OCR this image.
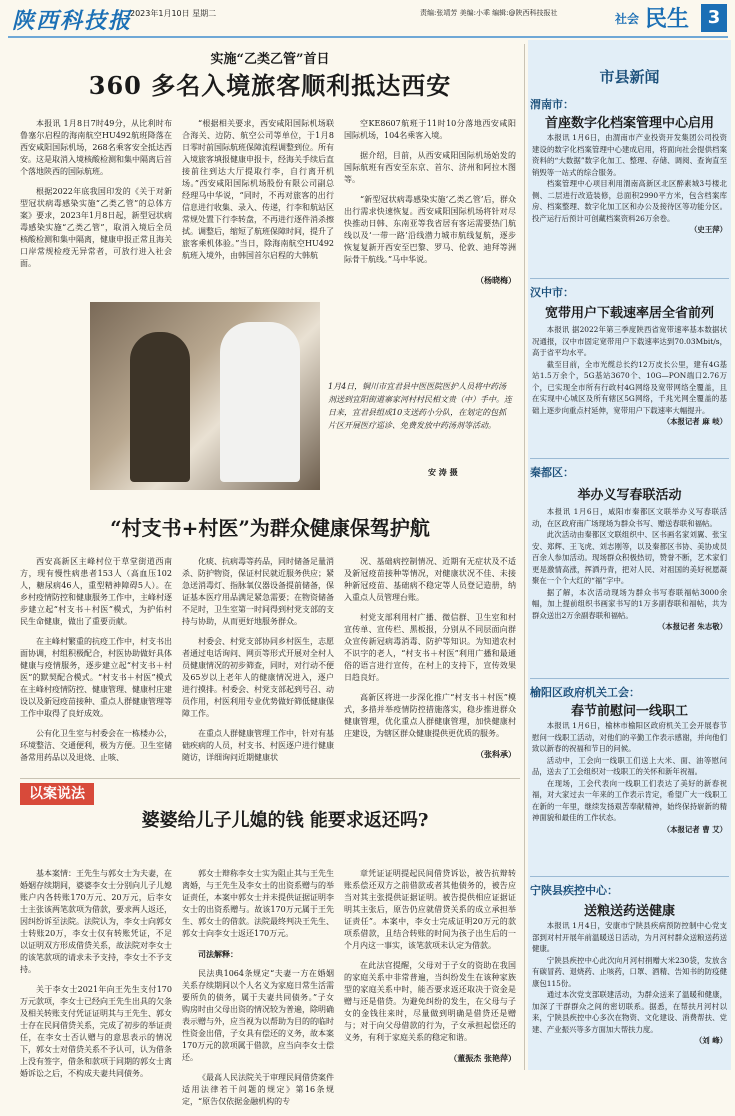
陕西科技报
2023年1月10日 星期二	责编:张靖芳 美编:小乖 编辑:@陕西科技报社	社会 民生	3
实施“乙类乙管”首日
360 多名入境旅客顺利抵达西安

本报讯 1月8日7时49分，从比利时布鲁塞尔启程的海南航空HU492航班降落在西安咸阳国际机场，268名乘客安全抵达西安。这是取消入境核酸检测和集中隔离后首个落地陕西的国际航班。

根据2022年底我国印发的《关于对新型冠状病毒感染实施“乙类乙管”的总体方案》要求，2023年1月8日起，新型冠状病毒感染实施“乙类乙管”，取消入境后全员核酸检测和集中隔离，健康申报正常且海关口岸常规检疫无异常者，可放行进入社会面。

“根据相关要求，西安咸阳国际机场联合海关、边防、航空公司等单位，于1月8日零时前国际航班保障流程调整到位。所有入境旅客填报健康申报卡，经海关手续后直接前往到达大厅提取行李，自行离开机场。”西安咸阳国际机场股份有限公司副总经理马中华说，“同时，不再对旅客的出行信息进行收集、录入、传递，行李和航站区常规处置下行李转盘，不再进行逐件消杀擦拭。调整后，缩短了航班保障时间，提升了旅客乘机体验。”当日，除海南航空HU492航班入境外，由韩国首尔启程的大韩航

空KE8607航班于11时10分落地西安咸阳国际机场，104名乘客入境。

据介绍，目前，从西安咸阳国际机场始发的国际航班有西安至东京、首尔、济州和阿拉木图等。

“新型冠状病毒感染实施‘乙类乙管’后，群众出行需求快速恢复。西安咸阳国际机场将针对尽快推动日韩、东南亚等我省居有客运需要热门航线以及‘一带一路’沿线潜力城市航线复航，逐步恢复复新开西安至巴黎、罗马、伦敦、迪拜等洲际骨干航线。”马中华说。

（杨晓梅）

1月4日，铜川市宜君县中医医院医护人员将中药汤剂送到宜阳街道寨家河村村民相文贵（中）手中。连日来，宜君县组成10支送药小分队，在划定的包抓片区开展医疗巡诊、免费发放中药汤剂等活动。
安 涛 摄
“村支书+村医”为群众健康保驾护航

西安高新区主峰村位于草堂街道西南方，现有慢性病患者153人（高血压102人，糖尿病46人，重型精神障碍5人）。在乡村疫情防控和健康服务工作中，主峰村逐步建立起“村支书＋村医”模式，为护佑村民生命健康，做出了重要贡献。

在主峰村繁重的抗疫工作中，村支书出面协调，村组积极配合，村医协助做好具体健康与疫情服务，逐步建立起“村支书＋村医”的默契配合模式。“村支书＋村医”模式在主峰村疫情防控、健康管理、健康村庄建设以及新冠疫苗接种、重点人群健康管理等工作中取得了良好成效。

公有化卫生室与村委会在一栋楼办公，环境整洁、交通便利，极为方便。卫生室储备常用药品以及退烧、止咳、

化痰、抗病毒等药品，同时储备足量消杀、防护物资，保证村民就近服务供应；紧急送消毒灯、指脉氧仪器设备提前储备，保证基本医疗用品满足紧急需要；在物资储备不足时，卫生室第一时间得到村党支部的支持与协助，从而更好地服务群众。

村委会、村党支部协同乡村医生，志愿者通过电话询问、网页等形式开展对全村人员健康情况的初步筛查，同时，对行动不便及65岁以上老年人的健康情况进入，逐户进行摸排。村委会、村党支部起到号召、动员作用，村医利用专业优势做好筛低健康保障工作。

在重点人群健康管理工作中，针对有基础疾病的人员，村支书、村医逐户进行健康随访，详细询问近期健康状

况、基础病控制情况、近期有无症状及不适及新冠疫苗接种等情况，对健康状况不佳、未接种新冠疫苗、基础病不稳定等人员登记造册，纳入重点人员管理台账。

村党支部利用村广播、微信群、卫生室和村宣传单、宣传栏、黑板报，分别从不同层面向群众宣传新冠病毒消毒、防护等知识。为知道农村不识字的老人，“村支书＋村医”利用广播和最通俗的语言进行宣传，在村上的支持下，宣传效果日趋良好。

高新区将进一步深化推广“村支书＋村医”模式，多措并举疫情防控措施落实，稳步推进群众健康管理，优化重点人群健康管理，加快健康村庄建设，为辖区群众健康提供更优质的服务。

（张科承）

以案说法
婆婆给儿子儿媳的钱 能要求返还吗?

基本案情：王先生与郭女士为夫妻，在婚姻存续期间，婆婆李女士分别向儿子儿媳账户内各转账170万元、20万元，后李女士主张该两笔款项为借款，要求两人返还，因纠纷诉至法院。法院认为，李女士向郭女士转账20万，李女士仅有转账凭证，不足以证明双方形成借贷关系，故法院对李女士的该笔款项的请求未予支持，李女士不予支持。

关于李女士2021年向王先生支付170万元款项，李女士已经向王先生出具的欠条及相关转账支付凭证证明其与王先生、郭女士存在民间借贷关系，完成了初步的举证责任，在李女士否认赠与的意思表示的情况下，郭女士对借贷关系不予认可，认为借条上没有签字，借条和款项于同期的郭女士离婚诉讼之后，不构成夫妻共同债务。

郭女士辩称李女士实为阻止其与王先生离婚，与王先生及李女士的出资系赠与的举证责任，本案中郭女士并未提供证据证明李女士的出资系赠与。故该170万元属于王先生、郭女士的借款。法院最终判决王先生、郭女士向李女士返还170万元。

司法解释：

民法典1064条规定“夫妻一方在婚姻关系存续期间以个人名义为家庭日常生活需要所负的债务，属于夫妻共同债务。”子女购房时由父母出资的情况较为普遍，除明确表示赠与外，应当视为以帮助为目的的临时性资金出借，子女具有偿还的义务，故本案170万元的款项属于借款，应当向李女士偿还。

《最高人民法院关于审理民间借贷案件适用法律若干问题的规定》第16条规定，“原告仅依据金融机构的专

章凭证证明提起民间借贷诉讼，被告抗辩转账系偿还双方之前借款或者其他债务的，被告应当对其主张提供证据证明。被告提供相应证据证明其主张后，原告仍应就借贷关系的成立承担举证责任”。本案中，李女士完成证明20万元的款项系借款，且结合转账的时间为孩子出生后的一个月内这一事实，该笔款项未认定为借款。

在此法官提醒，父母对于子女的资助在我国的家庭关系中非常普遍，当纠纷发生在该种家族型的家庭关系中时，能否要求返还取决于资金是赠与还是借贷。为避免纠纷的发生，在父母与子女的金钱往来时，尽量做到明确是借贷还是赠与；对于向父母借款的行为，子女承担起偿还的义务，有利于家庭关系的稳定和谐。

（董振杰 张艳萍）

市县新闻
渭南市：
首座数字化档案管理中心启用

本报讯 1月6日，由渭南市产业投资开发集团公司投资建设的数字化档案管理中心建成启用，将面向社会提供档案资料的“大数据”数字化加工、整理、存储、调阅、查询直至销毁等一站式的综合服务。

档案管理中心项目利用渭南高新区北区醉素城3号楼北侧、二层进行改造装修，总面积2990平方米，包含档案库房、档案整理、数字化加工区和办公及接待区等功能分区。投产运行后预计可创藏档案资料26万余卷。

（史王萍）

汉中市：
宽带用户下载速率居全省前列

本报讯 据2022年第三季度陕西省宽带速率基本数据状况通报，汉中市固定宽带用户下载速率达到70.03Mbit/s，高于省平均水平。

截至目前，全市光缆总长约12万皮长公里，建有4G基站1.5万余个，5G基站3670个、10G—PON端口2.76万个，已实现全市所有行政村4G网络及宽带网络全覆盖，且在实现中心城区及所有辖区5G网络，千兆光网全覆盖的基础上逐步向重点村延伸，宽带用户下载速率大幅提升。

（本报记者 麻 岐）

秦都区：
举办义写春联活动

本报讯 1月6日，咸阳市秦都区文联举办义写春联活动，在区政府南广场现场为群众书写、赠送春联和福帖。

此次活动由秦都区文联组织中、区书画名家刘翼、张宝安、郑辉、王飞虎、刘志刚等，以及秦都区书协、美协成员百余人参加活动。现场群众积极热切，赞誉不断，艺术家们更是激情高涨，挥洒丹青，把对人民、对祖国的美好祝愿凝聚在一个个大红的“福”字中。

据了解，本次活动现场为群众书写春联福帖3000余幅，加上提前组织书画家书写的1万多副春联和福帖，共为群众送出2万余副春联和福帖。

（本报记者 朱志敬）

榆阳区政府机关工会：
春节前慰问一线职工

本报讯 1月6日，榆林市榆阳区政府机关工会开展春节慰问一线职工活动，对他们的辛勤工作表示感谢，并向他们致以新春的祝福和节日的问候。

活动中，工会向一线职工们送上大米、面、油等慰问品，送去了工会组织对一线职工的关怀和新年祝福。

在现场，工会代表向一线职工们表达了美好的新春祝福，对大家过去一年来的工作表示肯定，希望广大一线职工在新的一年里，继续发扬艰苦奉献精神，始终保持崭新的精神面貌和最佳的工作状态。

（本报记者 曹 艾）

宁陕县疾控中心：
送粮送药送健康

本报讯 1月4日，安康市宁陕县疾病预防控制中心党支部到对村开展年前温暖送日活动，为月河村群众送粮送药送健康。

宁陕县疾控中心此次向月河村捐赠大米230袋，发放含有碳冒药、退烧药、止咳药，口罩、酒精、告知书的防疫健康包115份。

通过本次党支部联建活动，为群众送来了温暖和健康，加深了干群群众之间的密切联系。据悉，在帮扶月河村以来，宁陕县疾控中心多次在物资、文化建设、消费帮扶、党建、产业振兴等多方面加大帮扶力度。

（刘 峰）
